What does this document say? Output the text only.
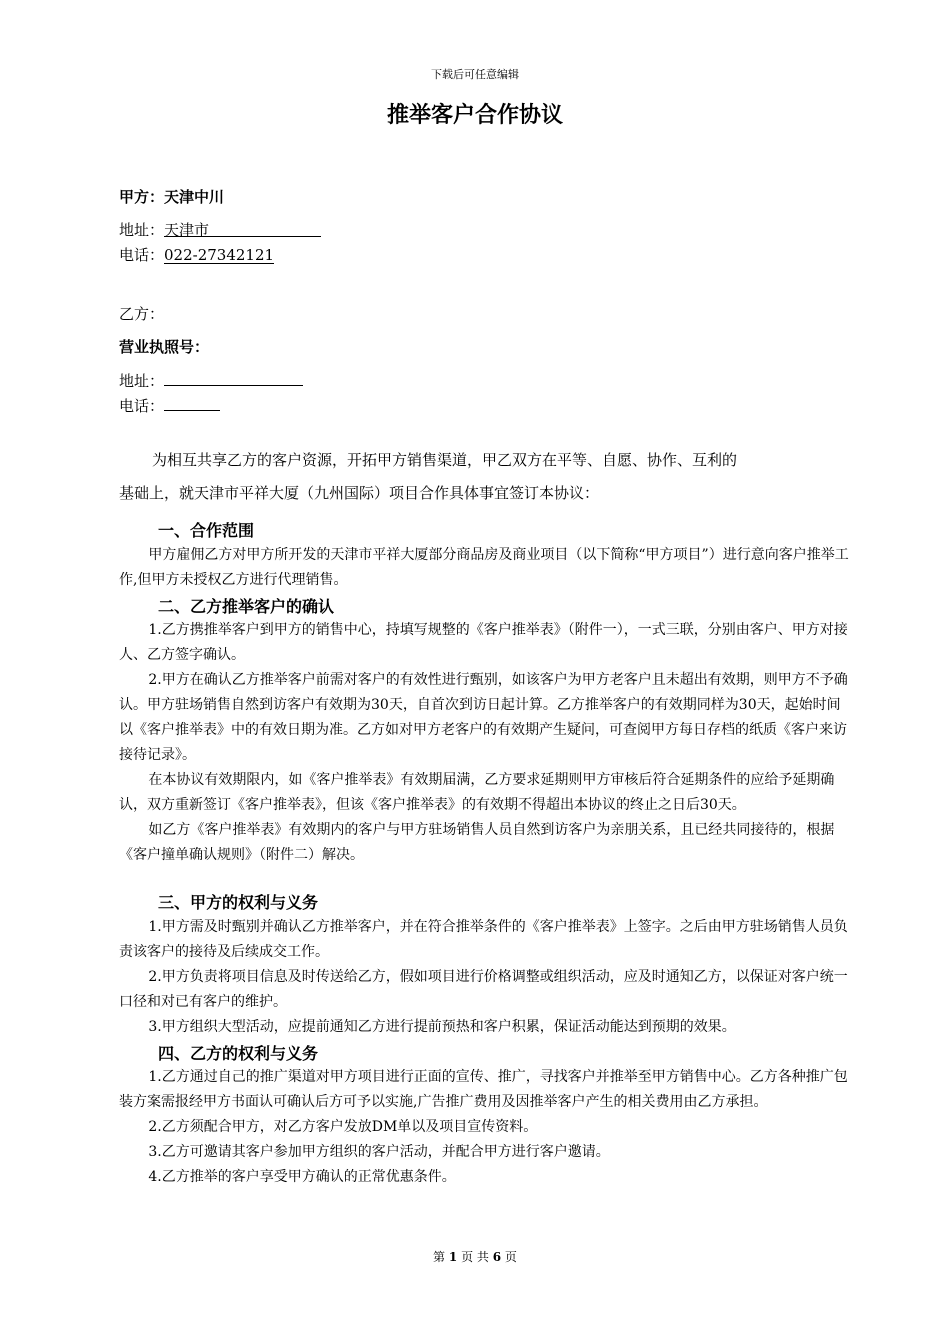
下载后可任意编辑
推举客户合作协议
甲方：天津中川
地址：天津市
电话：022-27342121
乙方：
营业执照号：
地址：
电话：

为相互共享乙方的客户资源，开拓甲方销售渠道，甲乙双方在平等、自愿、协作、互利的

基础上，就天津市平祥大厦（九州国际）项目合作具体事宜签订本协议：

一、合作范围

甲方雇佣乙方对甲方所开发的天津市平祥大厦部分商品房及商业项目（以下简称“甲方项目”）进行意向客户推举工作,但甲方未授权乙方进行代理销售。

二、乙方推举客户的确认

1.乙方携推举客户到甲方的销售中心，持填写规整的《客户推举表》（附件一），一式三联，分别由客户、甲方对接人、乙方签字确认。

2.甲方在确认乙方推举客户前需对客户的有效性进行甄别，如该客户为甲方老客户且未超出有效期，则甲方不予确认。甲方驻场销售自然到访客户有效期为30天，自首次到访日起计算。乙方推举客户的有效期同样为30天，起始时间以《客户推举表》中的有效日期为准。乙方如对甲方老客户的有效期产生疑问，可查阅甲方每日存档的纸质《客户来访接待记录》。

在本协议有效期限内，如《客户推举表》有效期届满，乙方要求延期则甲方审核后符合延期条件的应给予延期确认，双方重新签订《客户推举表》，但该《客户推举表》的有效期不得超出本协议的终止之日后30天。

如乙方《客户推举表》有效期内的客户与甲方驻场销售人员自然到访客户为亲朋关系，且已经共同接待的，根据《客户撞单确认规则》（附件二）解决。

三、甲方的权利与义务

1.甲方需及时甄别并确认乙方推举客户，并在符合推举条件的《客户推举表》上签字。之后由甲方驻场销售人员负责该客户的接待及后续成交工作。

2.甲方负责将项目信息及时传送给乙方，假如项目进行价格调整或组织活动，应及时通知乙方，以保证对客户统一口径和对已有客户的维护。

3.甲方组织大型活动，应提前通知乙方进行提前预热和客户积累，保证活动能达到预期的效果。

四、乙方的权利与义务

1.乙方通过自己的推广渠道对甲方项目进行正面的宣传、推广，寻找客户并推举至甲方销售中心。乙方各种推广包装方案需报经甲方书面认可确认后方可予以实施,广告推广费用及因推举客户产生的相关费用由乙方承担。

2.乙方须配合甲方，对乙方客户发放DM单以及项目宣传资料。

3.乙方可邀请其客户参加甲方组织的客户活动，并配合甲方进行客户邀请。

4.乙方推举的客户享受甲方确认的正常优惠条件。

第 1 页 共 6 页
